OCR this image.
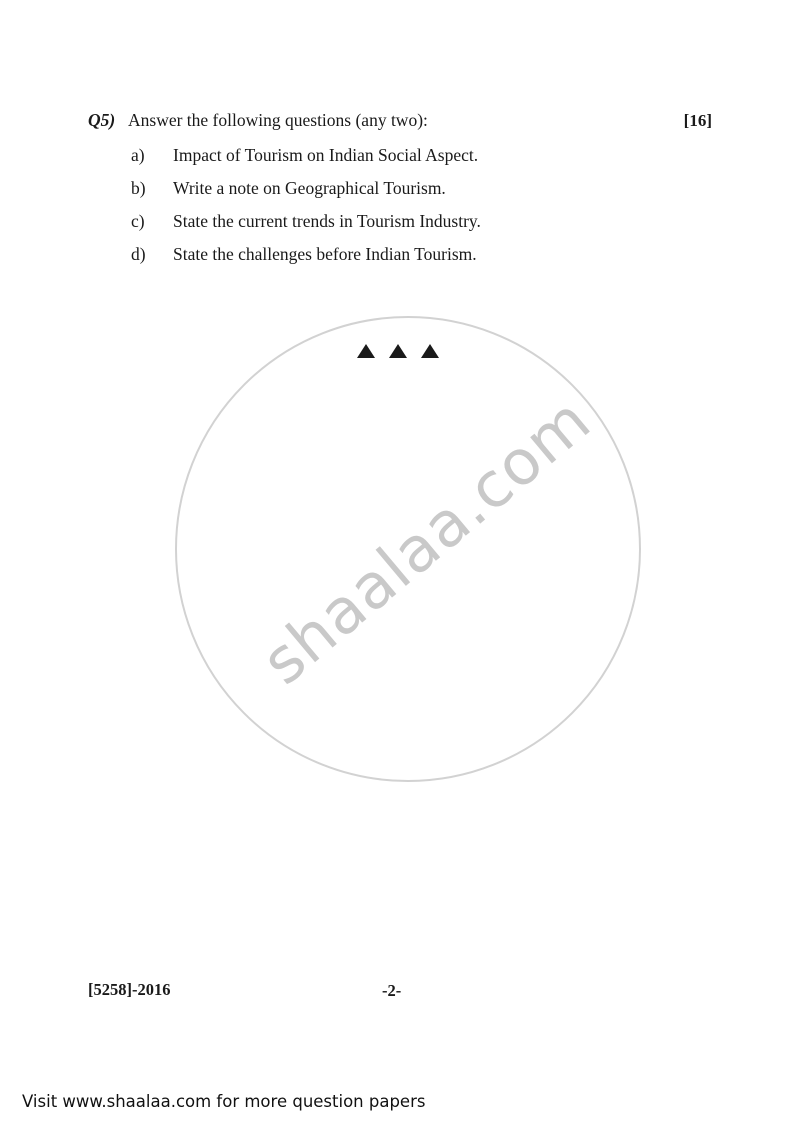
shaalaa.com
Q5) Answer the following questions (any two):	[16]
a)	Impact of Tourism on Indian Social Aspect.
b)	Write a note on Geographical Tourism.
c)	State the current trends in Tourism Industry.
d)	State the challenges before Indian Tourism.
[5258]-2016	-2-
Visit www.shaalaa.com for more question papers
